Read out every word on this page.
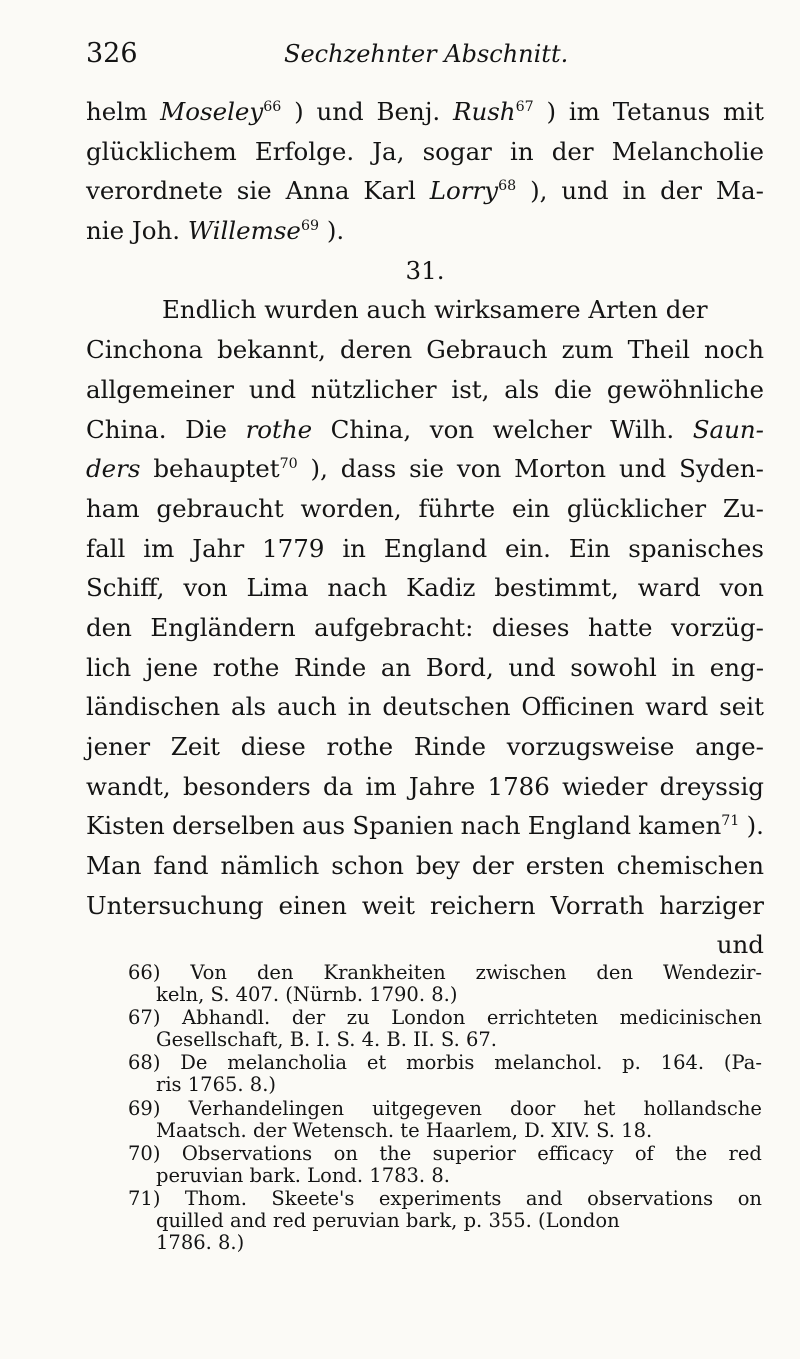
326	Sechzehnter Abschnitt.
helm Moseley$^{66}$ ) und Benj. Rush$^{67}$ ) im Tetanus mit
glücklichem Erfolge. Ja, sogar in der Melancholie
verordnete sie Anna Karl Lorry$^{68}$ ), und in der Ma-
nie Joh. Willemse$^{69}$ ).
31.
Endlich wurden auch wirksamere Arten der
Cinchona bekannt, deren Gebrauch zum Theil noch
allgemeiner und nützlicher ist, als die gewöhnliche
China. Die rothe China, von welcher Wilh. Saun-
ders behauptet$^{70}$ ), dass sie von Morton und Syden-
ham gebraucht worden, führte ein glücklicher Zu-
fall im Jahr 1779 in England ein. Ein spanisches
Schiff, von Lima nach Kadiz bestimmt, ward von
den Engländern aufgebracht: dieses hatte vorzüg-
lich jene rothe Rinde an Bord, und sowohl in eng-
ländischen als auch in deutschen Officinen ward seit
jener Zeit diese rothe Rinde vorzugsweise ange-
wandt, besonders da im Jahre 1786 wieder dreyssig
Kisten derselben aus Spanien nach England kamen$^{71}$ ).
Man fand nämlich schon bey der ersten chemischen
Untersuchung einen weit reichern Vorrath harziger
und
66) Von den Krankheiten zwischen den Wendezir-
keln, S. 407. (Nürnb. 1790. 8.)
67) Abhandl. der zu London errichteten medicinischen
Gesellschaft, B. I. S. 4. B. II. S. 67.
68) De melancholia et morbis melanchol. p. 164. (Pa-
ris 1765. 8.)
69) Verhandelingen uitgegeven door het hollandsche
Maatsch. der Wetensch. te Haarlem, D. XIV. S. 18.
70) Observations on the superior efficacy of the red
peruvian bark. Lond. 1783. 8.
71) Thom. Skeete's experiments and observations on
quilled and red peruvian bark, p. 355. (London
1786. 8.)
